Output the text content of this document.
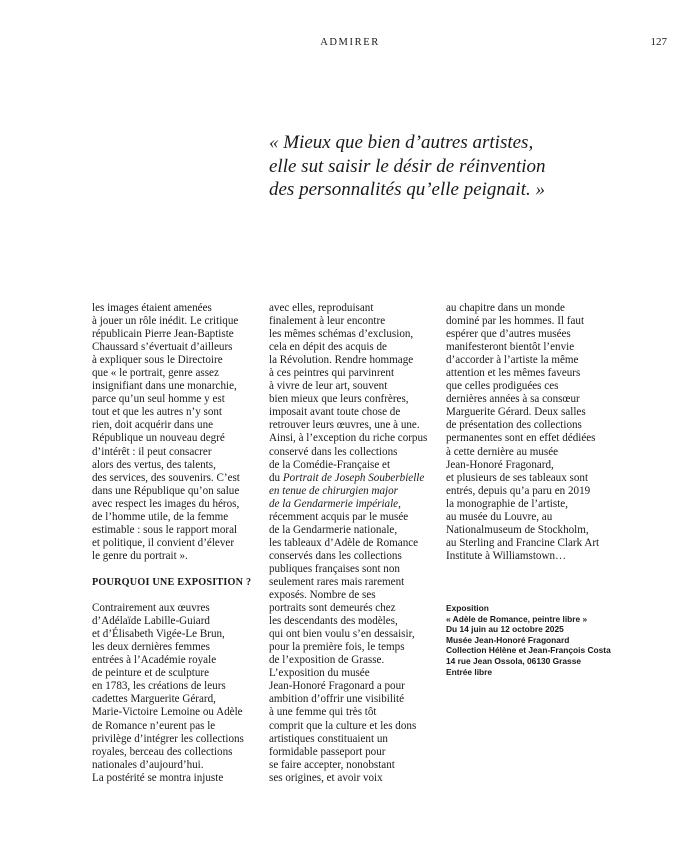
ADMIRER	127
« Mieux que bien d’autres artistes,
elle sut saisir le désir de réinvention
des personnalités qu’elle peignait. »
les images étaient amenées
à jouer un rôle inédit. Le critique
républicain Pierre Jean-Baptiste
Chaussard s’évertuait d’ailleurs
à expliquer sous le Directoire
que « le portrait, genre assez
insignifiant dans une monarchie,
parce qu’un seul homme y est
tout et que les autres n’y sont
rien, doit acquérir dans une
République un nouveau degré
d’intérêt : il peut consacrer
alors des vertus, des talents,
des services, des souvenirs. C’est
dans une République qu’on salue
avec respect les images du héros,
de l’homme utile, de la femme
estimable : sous le rapport moral
et politique, il convient d’élever
le genre du portrait ».
POURQUOI UNE EXPOSITION ?
Contrairement aux œuvres
d’Adélaïde Labille-Guiard
et d’Élisabeth Vigée-Le Brun,
les deux dernières femmes
entrées à l’Académie royale
de peinture et de sculpture
en 1783, les créations de leurs
cadettes Marguerite Gérard,
Marie-Victoire Lemoine ou Adèle
de Romance n’eurent pas le
privilège d’intégrer les collections
royales, berceau des collections
nationales d’aujourd’hui.
La postérité se montra injuste
avec elles, reproduisant
finalement à leur encontre
les mêmes schémas d’exclusion,
cela en dépit des acquis de
la Révolution. Rendre hommage
à ces peintres qui parvinrent
à vivre de leur art, souvent
bien mieux que leurs confrères,
imposait avant toute chose de
retrouver leurs œuvres, une à une.
Ainsi, à l’exception du riche corpus
conservé dans les collections
de la Comédie-Française et
du Portrait de Joseph Souberbielle
en tenue de chirurgien major
de la Gendarmerie impériale,
récemment acquis par le musée
de la Gendarmerie nationale,
les tableaux d’Adèle de Romance
conservés dans les collections
publiques françaises sont non
seulement rares mais rarement
exposés. Nombre de ses
portraits sont demeurés chez
les descendants des modèles,
qui ont bien voulu s’en dessaisir,
pour la première fois, le temps
de l’exposition de Grasse.
L’exposition du musée
Jean-Honoré Fragonard a pour
ambition d’offrir une visibilité
à une femme qui très tôt
comprit que la culture et les dons
artistiques constituaient un
formidable passeport pour
se faire accepter, nonobstant
ses origines, et avoir voix
au chapitre dans un monde
dominé par les hommes. Il faut
espérer que d’autres musées
manifesteront bientôt l’envie
d’accorder à l’artiste la même
attention et les mêmes faveurs
que celles prodiguées ces
dernières années à sa consœur
Marguerite Gérard. Deux salles
de présentation des collections
permanentes sont en effet dédiées
à cette dernière au musée
Jean-Honoré Fragonard,
et plusieurs de ses tableaux sont
entrés, depuis qu’a paru en 2019
la monographie de l’artiste,
au musée du Louvre, au
Nationalmuseum de Stockholm,
au Sterling and Francine Clark Art
Institute à Williamstown…
Exposition
« Adèle de Romance, peintre libre »
Du 14 juin au 12 octobre 2025
Musée Jean-Honoré Fragonard
Collection Hélène et Jean-François Costa
14 rue Jean Ossola, 06130 Grasse
Entrée libre
